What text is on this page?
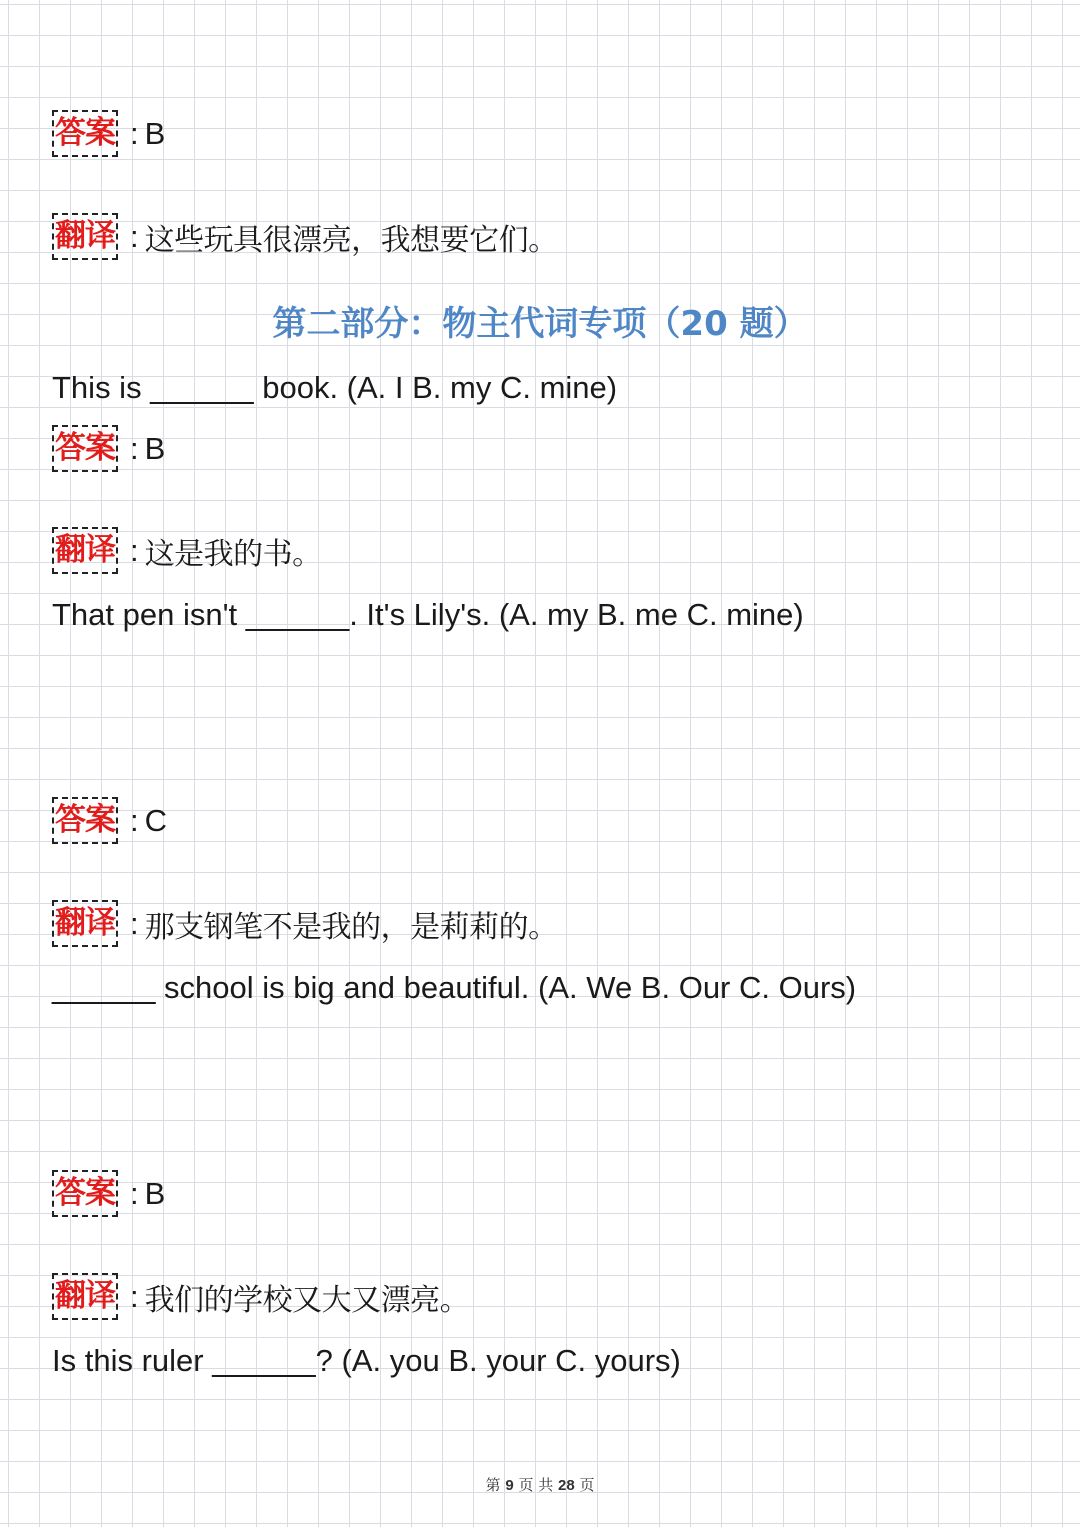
答案 : B
翻译 : 这些玩具很漂亮，我想要它们。
第二部分：物主代词专项（20 题）
This is ______ book. (A. I B. my C. mine)
答案 : B
翻译 : 这是我的书。
That pen isn't ______. It's Lily's. (A. my B. me C. mine)
答案 : C
翻译 : 那支钢笔不是我的，是莉莉的。
______ school is big and beautiful. (A. We B. Our C. Ours)
答案 : B
翻译 : 我们的学校又大又漂亮。
Is this ruler ______? (A. you B. your C. yours)
第 9 页 共 28 页
